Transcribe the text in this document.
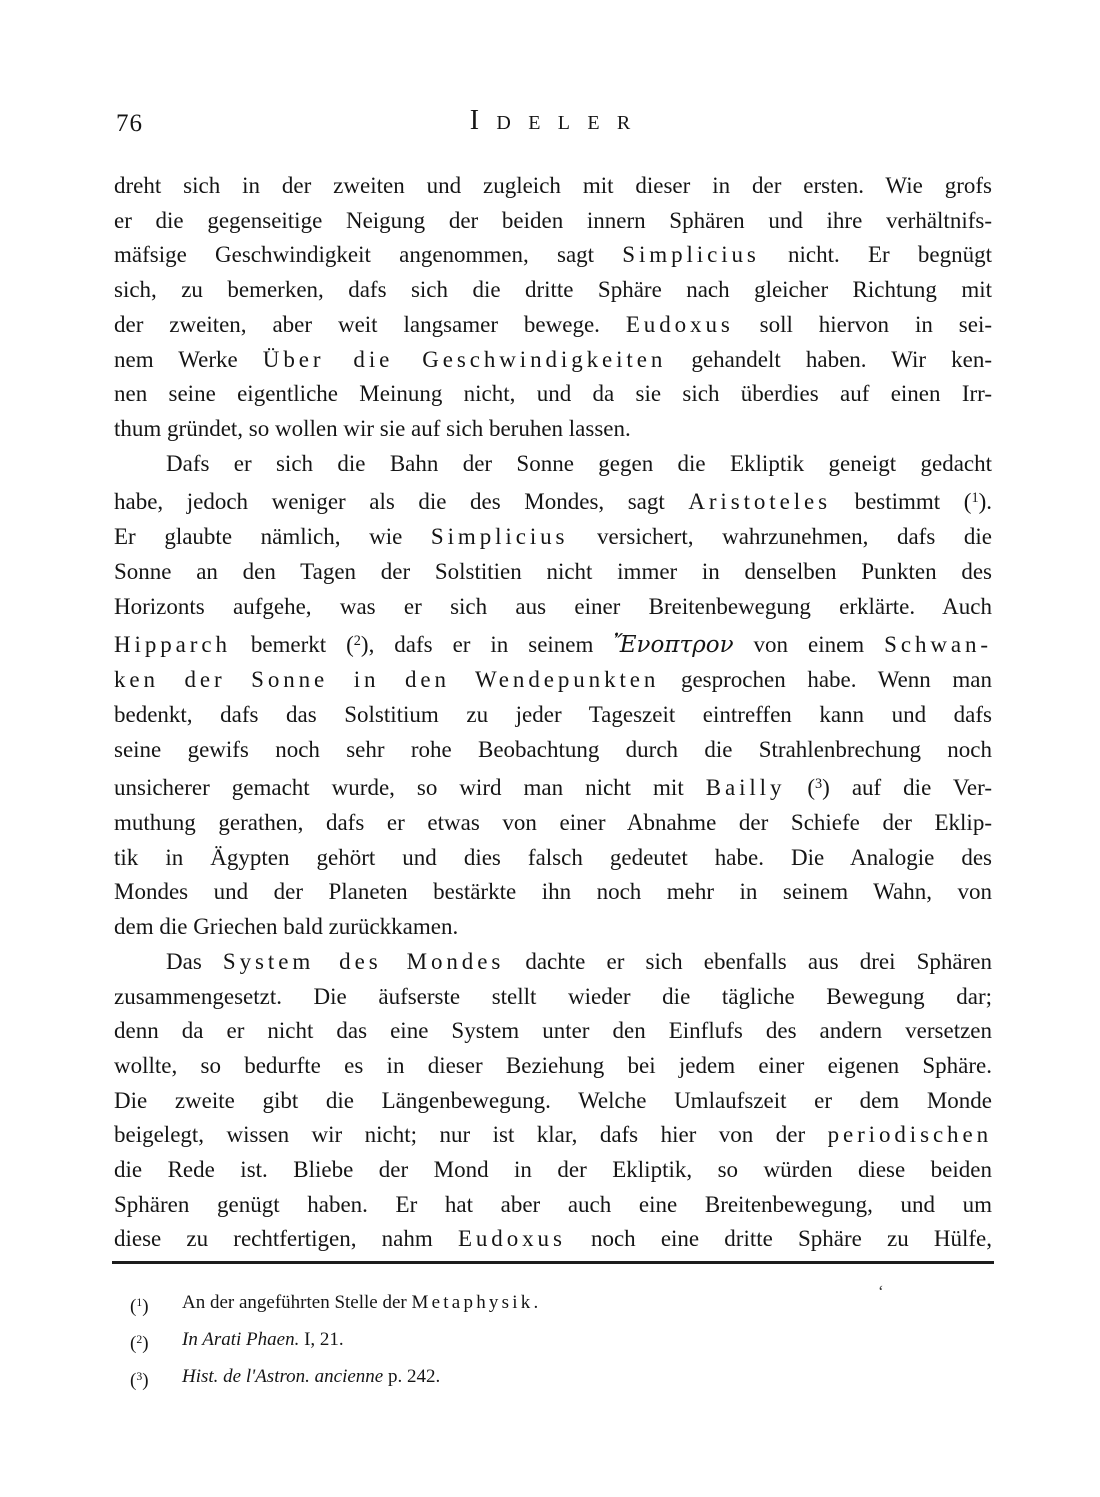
76	Ideler
dreht sich in der zweiten und zugleich mit dieser in der ersten. Wie grofs
er die gegenseitige Neigung der beiden innern Sphären und ihre verhältnifs-
mäfsige Geschwindigkeit angenommen, sagt Simplicius nicht. Er begnügt
sich, zu bemerken, dafs sich die dritte Sphäre nach gleicher Richtung mit
der zweiten, aber weit langsamer bewege. Eudoxus soll hiervon in sei-
nem Werke Über die Geschwindigkeiten gehandelt haben. Wir ken-
nen seine eigentliche Meinung nicht, und da sie sich überdies auf einen Irr-
thum gründet, so wollen wir sie auf sich beruhen lassen.
Dafs er sich die Bahn der Sonne gegen die Ekliptik geneigt gedacht
habe, jedoch weniger als die des Mondes, sagt Aristoteles bestimmt ($^1$).
Er glaubte nämlich, wie Simplicius versichert, wahrzunehmen, dafs die
Sonne an den Tagen der Solstitien nicht immer in denselben Punkten des
Horizonts aufgehe, was er sich aus einer Breitenbewegung erklärte. Auch
Hipparch bemerkt ($^2$), dafs er in seinem Ἔνοπτρον von einem Schwan-
ken der Sonne in den Wendepunkten gesprochen habe. Wenn man
bedenkt, dafs das Solstitium zu jeder Tageszeit eintreffen kann und dafs
seine gewifs noch sehr rohe Beobachtung durch die Strahlenbrechung noch
unsicherer gemacht wurde, so wird man nicht mit Bailly ($^3$) auf die Ver-
muthung gerathen, dafs er etwas von einer Abnahme der Schiefe der Eklip-
tik in Ägypten gehört und dies falsch gedeutet habe. Die Analogie des
Mondes und der Planeten bestärkte ihn noch mehr in seinem Wahn, von
dem die Griechen bald zurückkamen.
Das System des Mondes dachte er sich ebenfalls aus drei Sphären
zusammengesetzt. Die äufserste stellt wieder die tägliche Bewegung dar;
denn da er nicht das eine System unter den Einflufs des andern versetzen
wollte, so bedurfte es in dieser Beziehung bei jedem einer eigenen Sphäre.
Die zweite gibt die Längenbewegung. Welche Umlaufszeit er dem Monde
beigelegt, wissen wir nicht; nur ist klar, dafs hier von der periodischen
die Rede ist. Bliebe der Mond in der Ekliptik, so würden diese beiden
Sphären genügt haben. Er hat aber auch eine Breitenbewegung, und um
diese zu rechtfertigen, nahm Eudoxus noch eine dritte Sphäre zu Hülfe,
($^1$)	An der angeführten Stelle der Metaphysik.
($^2$)	In Arati Phaen. I, 21.
($^3$)	Hist. de l'Astron. ancienne p. 242.
ʻ
